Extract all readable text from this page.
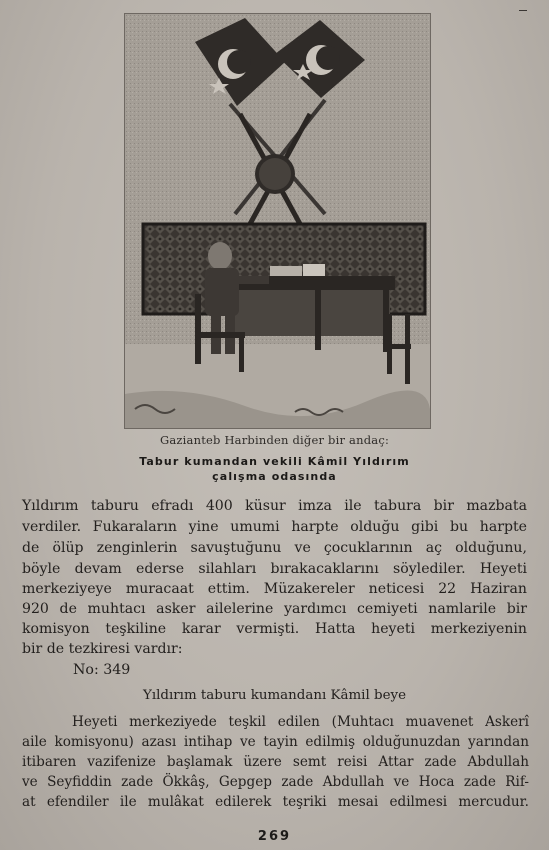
Gazianteb Harbinden diğer bir andaç:

Tabur kumandan vekili Kâmil Yıldırım

çalışma odasında

Yıldırım taburu efradı 400 küsur imza ile tabura bir mazbata

verdiler. Fukaraların yine umumi harpte olduğu gibi bu harpte

de ölüp zenginlerin savuştuğunu ve çocuklarının aç olduğunu,

böyle devam ederse silahları bırakacaklarını söylediler. Heyeti

merkeziyeye muracaat ettim. Müzakereler neticesi 22 Haziran

920 de muhtacı asker ailelerine yardımcı cemiyeti namlarile bir

komisyon teşkiline karar vermişti. Hatta heyeti merkeziyenin

bir de tezkiresi vardır:

No: 349

Yıldırım taburu kumandanı Kâmil beye

Heyeti merkeziyede teşkil edilen (Muhtacı muavenet Askerî

aile komisyonu) azası intihap ve tayin edilmiş olduğunuzdan yarından

itibaren vazifenize başlamak üzere semt reisi Attar zade Abdullah

ve Seyfiddin zade Ökkâş, Gepgep zade Abdullah ve Hoca zade Rif-

at efendiler ile mulâkat edilerek teşriki mesai edilmesi mercudur.

269
